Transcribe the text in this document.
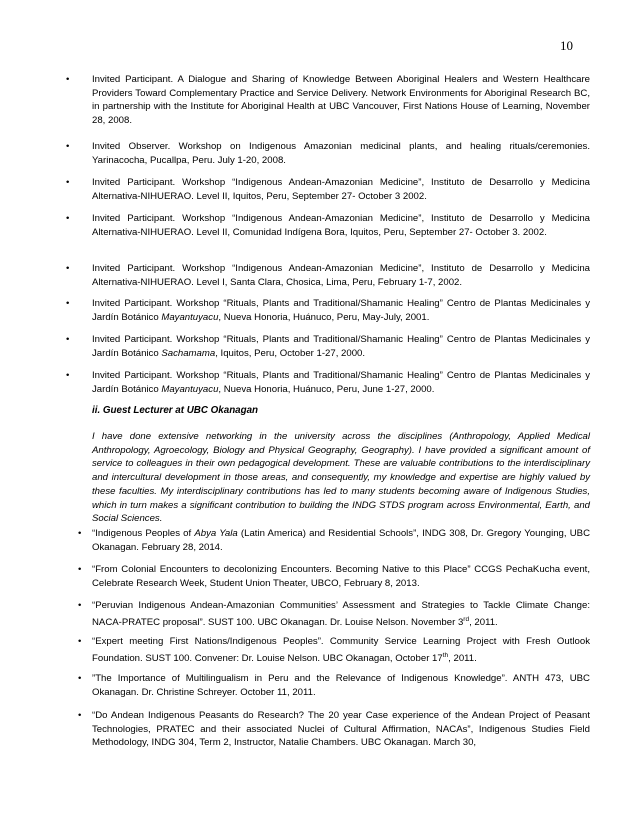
10
•	Invited Participant. A Dialogue and Sharing of Knowledge Between Aboriginal Healers and Western Healthcare Providers Toward Complementary Practice and Service Delivery. Network Environments for Aboriginal Research BC, in partnership with the Institute for Aboriginal Health at UBC Vancouver, First Nations House of Learning, November 28, 2008.
•	Invited Observer. Workshop on Indigenous Amazonian medicinal plants, and healing rituals/ceremonies. Yarinacocha, Pucallpa, Peru. July 1-20, 2008.
•	Invited Participant. Workshop “Indigenous Andean-Amazonian Medicine”, Instituto de Desarrollo y Medicina Alternativa-NIHUERAO. Level II, Iquitos, Peru, September 27- October 3 2002.
•	Invited Participant. Workshop “Indigenous Andean-Amazonian Medicine”, Instituto de Desarrollo y Medicina Alternativa-NIHUERAO. Level II, Comunidad Indígena Bora, Iquitos, Peru, September 27- October 3. 2002.
•	Invited Participant. Workshop “Indigenous Andean-Amazonian Medicine”, Instituto de Desarrollo y Medicina Alternativa-NIHUERAO. Level I, Santa Clara, Chosica, Lima, Peru, February 1-7, 2002.
•	Invited Participant. Workshop “Rituals, Plants and Traditional/Shamanic Healing” Centro de Plantas Medicinales y Jardín Botánico Mayantuyacu, Nueva Honoria, Huánuco, Peru, May-July, 2001.
•	Invited Participant. Workshop “Rituals, Plants and Traditional/Shamanic Healing” Centro de Plantas Medicinales y Jardín Botánico Sachamama, Iquitos, Peru, October 1-27, 2000.
•	Invited Participant. Workshop “Rituals, Plants and Traditional/Shamanic Healing” Centro de Plantas Medicinales y Jardín Botánico Mayantuyacu, Nueva Honoria, Huánuco, Peru, June 1-27, 2000.
ii. Guest Lecturer at UBC Okanagan
I have done extensive networking in the university across the disciplines (Anthropology, Applied Medical Anthropology, Agroecology, Biology and Physical Geography, Geography). I have provided a significant amount of service to colleagues in their own pedagogical development. These are valuable contributions to the interdisciplinary and intercultural development in those areas, and consequently, my knowledge and expertise are highly valued by these faculties. My interdisciplinary contributions has led to many students becoming aware of Indigenous Studies, which in turn makes a significant contribution to building the INDG STDS program across Environmental, Earth, and Social Sciences.
•	“Indigenous Peoples of Abya Yala (Latin America) and Residential Schools”, INDG 308, Dr. Gregory Younging, UBC Okanagan. February 28, 2014.
•	“From Colonial Encounters to decolonizing Encounters. Becoming Native to this Place” CCGS PechaKucha event, Celebrate Research Week, Student Union Theater, UBCO, February 8, 2013.
•	“Peruvian Indigenous Andean-Amazonian Communities’ Assessment and Strategies to Tackle Climate Change: NACA-PRATEC proposal”. SUST 100. UBC Okanagan. Dr. Louise Nelson. November 3rd, 2011.
•	“Expert meeting First Nations/Indigenous Peoples”. Community Service Learning Project with Fresh Outlook Foundation. SUST 100. Convener: Dr. Louise Nelson. UBC Okanagan, October 17th, 2011.
•	”The Importance of Multilingualism in Peru and the Relevance of Indigenous Knowledge”. ANTH 473, UBC Okanagan. Dr. Christine Schreyer. October 11, 2011.
•	“Do Andean Indigenous Peasants do Research? The 20 year Case experience of the Andean Project of Peasant Technologies, PRATEC and their associated Nuclei of Cultural Affirmation, NACAs”, Indigenous Studies Field Methodology, INDG 304, Term 2, Instructor, Natalie Chambers. UBC Okanagan. March 30,
